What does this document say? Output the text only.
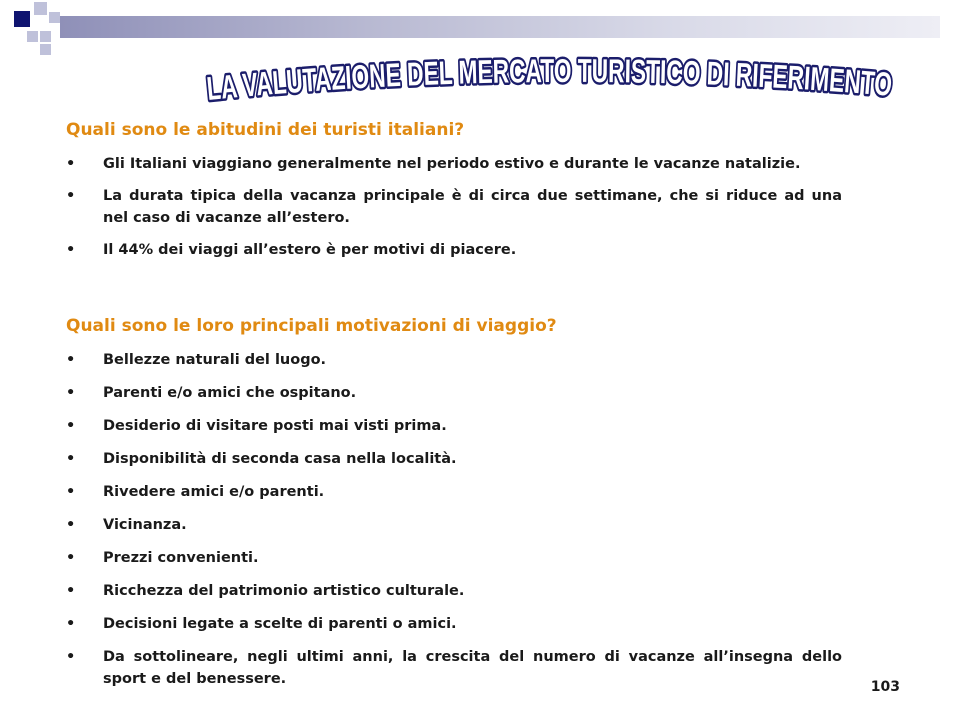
LA VALUTAZIONE DEL MERCATO TURISTICO DI RIFERIMENTO
Quali sono le abitudini dei turisti italiani?
• Gli Italiani viaggiano generalmente nel periodo estivo e durante le vacanze natalizie.
• La durata tipica della vacanza principale è di circa due settimane, che si riduce ad una nel caso di vacanze all’estero.
• Il 44% dei viaggi all’estero è per motivi di piacere.
Quali sono le loro principali motivazioni di viaggio?
• Bellezze naturali del luogo.
• Parenti e/o amici che ospitano.
• Desiderio di visitare posti mai visti prima.
• Disponibilità di seconda casa nella località.
• Rivedere amici e/o parenti.
• Vicinanza.
• Prezzi convenienti.
• Ricchezza del patrimonio artistico culturale.
• Decisioni legate a scelte di parenti o amici.
• Da sottolineare, negli ultimi anni, la crescita del numero di vacanze all’insegna dello sport e del benessere.	103
